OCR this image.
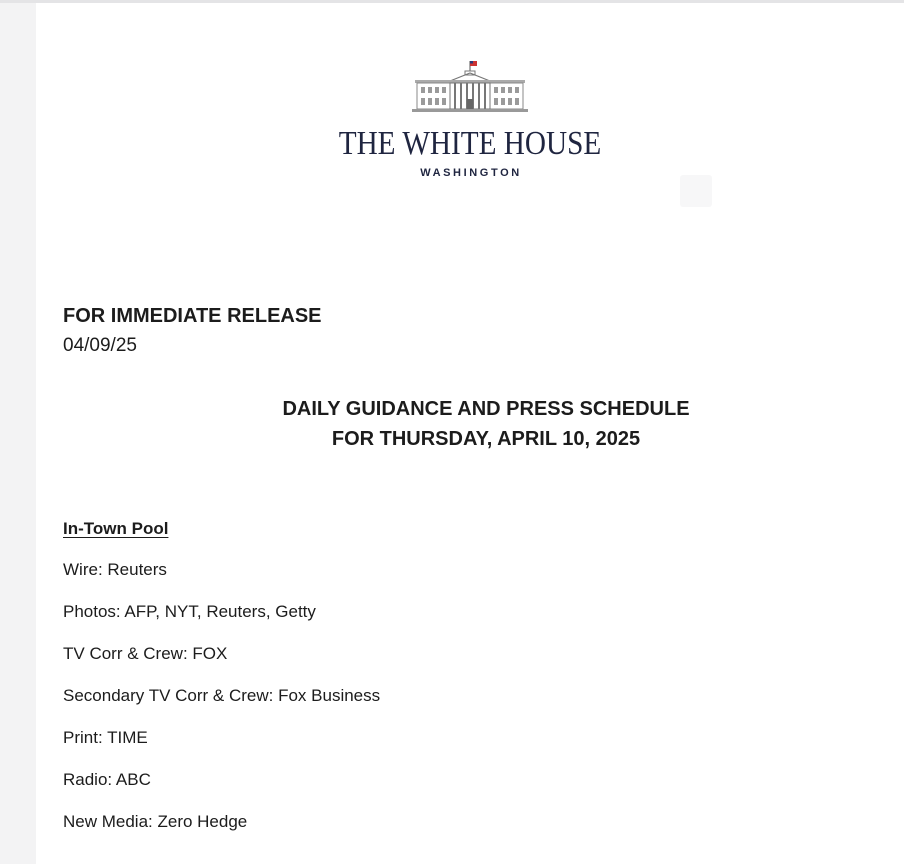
THE WHITE HOUSE
WASHINGTON
FOR IMMEDIATE RELEASE
04/09/25
DAILY GUIDANCE AND PRESS SCHEDULE
FOR THURSDAY, APRIL 10, 2025
In-Town Pool
Wire: Reuters
Photos: AFP, NYT, Reuters, Getty
TV Corr & Crew: FOX
Secondary TV Corr & Crew: Fox Business
Print: TIME
Radio: ABC
New Media: Zero Hedge
